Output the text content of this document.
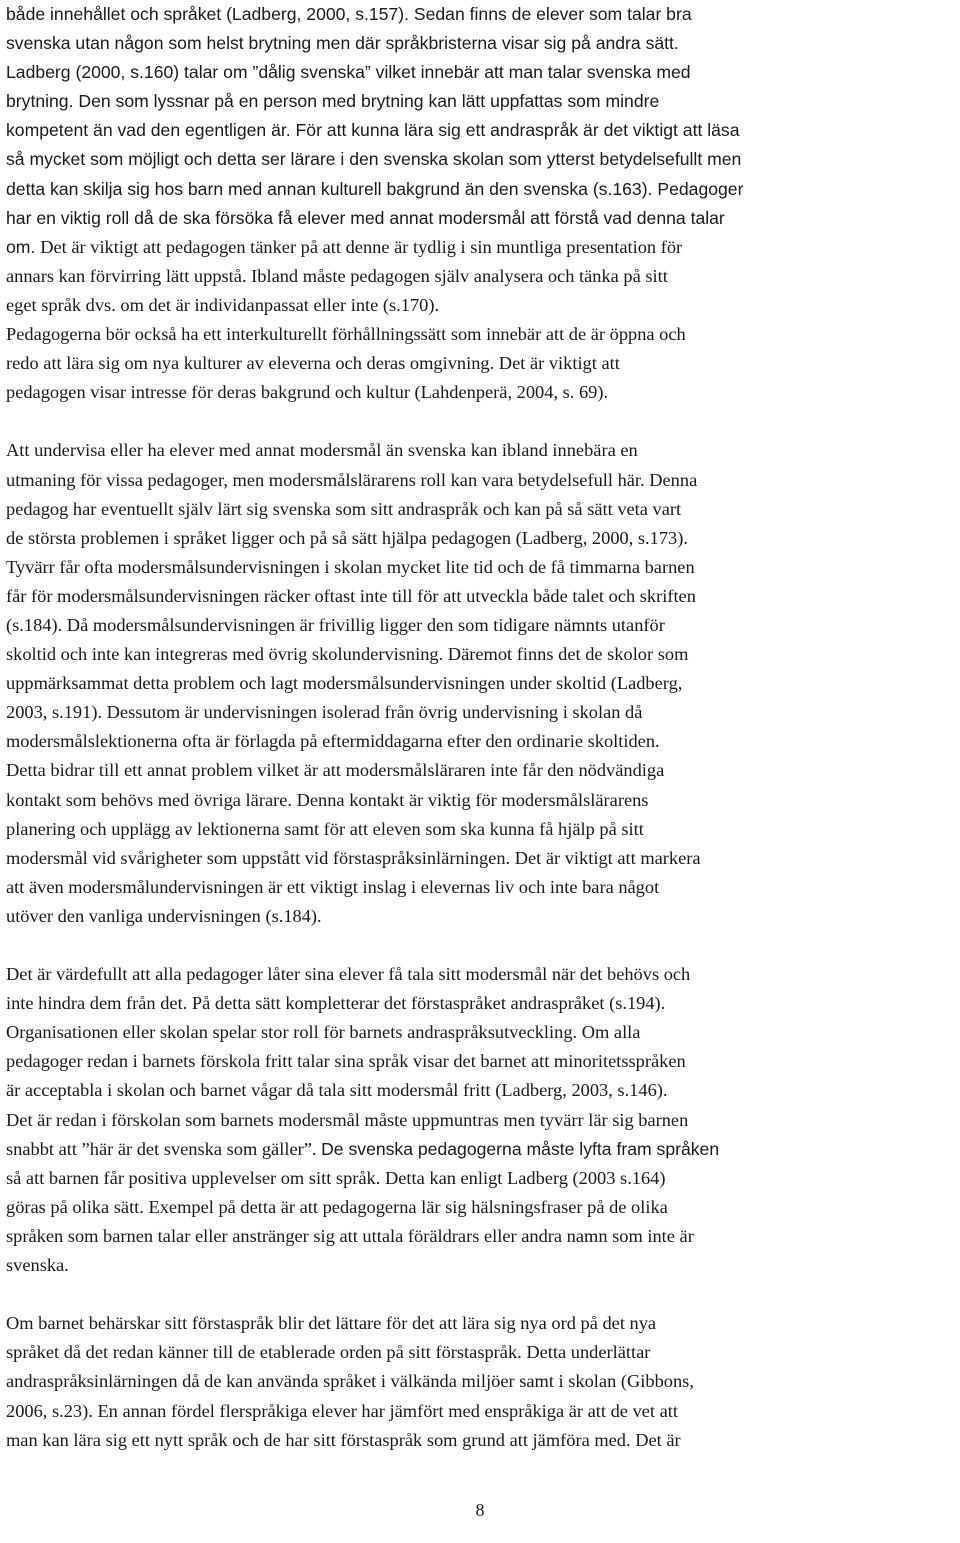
både innehållet och språket (Ladberg, 2000, s.157). Sedan finns de elever som talar bra
svenska utan någon som helst brytning men där språkbristerna visar sig på andra sätt.
Ladberg (2000, s.160) talar om ”dålig svenska” vilket innebär att man talar svenska med
brytning. Den som lyssnar på en person med brytning kan lätt uppfattas som mindre
kompetent än vad den egentligen är. För att kunna lära sig ett andraspråk är det viktigt att läsa
så mycket som möjligt och detta ser lärare i den svenska skolan som ytterst betydelsefullt men
detta kan skilja sig hos barn med annan kulturell bakgrund än den svenska (s.163). Pedagoger
har en viktig roll då de ska försöka få elever med annat modersmål att förstå vad denna talar
om. Det är viktigt att pedagogen tänker på att denne är tydlig i sin muntliga presentation för
annars kan förvirring lätt uppstå. Ibland måste pedagogen själv analysera och tänka på sitt
eget språk dvs. om det är individanpassat eller inte (s.170).
Pedagogerna bör också ha ett interkulturellt förhållningssätt som innebär att de är öppna och
redo att lära sig om nya kulturer av eleverna och deras omgivning. Det är viktigt att
pedagogen visar intresse för deras bakgrund och kultur (Lahdenperä, 2004, s. 69).
Att undervisa eller ha elever med annat modersmål än svenska kan ibland innebära en
utmaning för vissa pedagoger, men modersmålslärarens roll kan vara betydelsefull här. Denna
pedagog har eventuellt själv lärt sig svenska som sitt andraspråk och kan på så sätt veta vart
de största problemen i språket ligger och på så sätt hjälpa pedagogen (Ladberg, 2000, s.173).
Tyvärr får ofta modersmålsundervisningen i skolan mycket lite tid och de få timmarna barnen
får för modersmålsundervisningen räcker oftast inte till för att utveckla både talet och skriften
(s.184). Då modersmålsundervisningen är frivillig ligger den som tidigare nämnts utanför
skoltid och inte kan integreras med övrig skolundervisning. Däremot finns det de skolor som
uppmärksammat detta problem och lagt modersmålsundervisningen under skoltid (Ladberg,
2003, s.191). Dessutom är undervisningen isolerad från övrig undervisning i skolan då
modersmålslektionerna ofta är förlagda på eftermiddagarna efter den ordinarie skoltiden.
Detta bidrar till ett annat problem vilket är att modersmålsläraren inte får den nödvändiga
kontakt som behövs med övriga lärare. Denna kontakt är viktig för modersmålslärarens
planering och upplägg av lektionerna samt för att eleven som ska kunna få hjälp på sitt
modersmål vid svårigheter som uppstått vid förstaspråksinlärningen. Det är viktigt att markera
att även modersmålundervisningen är ett viktigt inslag i elevernas liv och inte bara något
utöver den vanliga undervisningen (s.184).
Det är värdefullt att alla pedagoger låter sina elever få tala sitt modersmål när det behövs och
inte hindra dem från det. På detta sätt kompletterar det förstaspråket andraspråket (s.194).
Organisationen eller skolan spelar stor roll för barnets andraspråksutveckling. Om alla
pedagoger redan i barnets förskola fritt talar sina språk visar det barnet att minoritetsspråken
är acceptabla i skolan och barnet vågar då tala sitt modersmål fritt (Ladberg, 2003, s.146).
Det är redan i förskolan som barnets modersmål måste uppmuntras men tyvärr lär sig barnen
snabbt att ”här är det svenska som gäller”. De svenska pedagogerna måste lyfta fram språken
så att barnen får positiva upplevelser om sitt språk. Detta kan enligt Ladberg (2003 s.164)
göras på olika sätt. Exempel på detta är att pedagogerna lär sig hälsningsfraser på de olika
språken som barnen talar eller anstränger sig att uttala föräldrars eller andra namn som inte är
svenska.
Om barnet behärskar sitt förstaspråk blir det lättare för det att lära sig nya ord på det nya
språket då det redan känner till de etablerade orden på sitt förstaspråk. Detta underlättar
andraspråksinlärningen då de kan använda språket i välkända miljöer samt i skolan (Gibbons,
2006, s.23). En annan fördel flerspråkiga elever har jämfört med enspråkiga är att de vet att
man kan lära sig ett nytt språk och de har sitt förstaspråk som grund att jämföra med. Det är
8
